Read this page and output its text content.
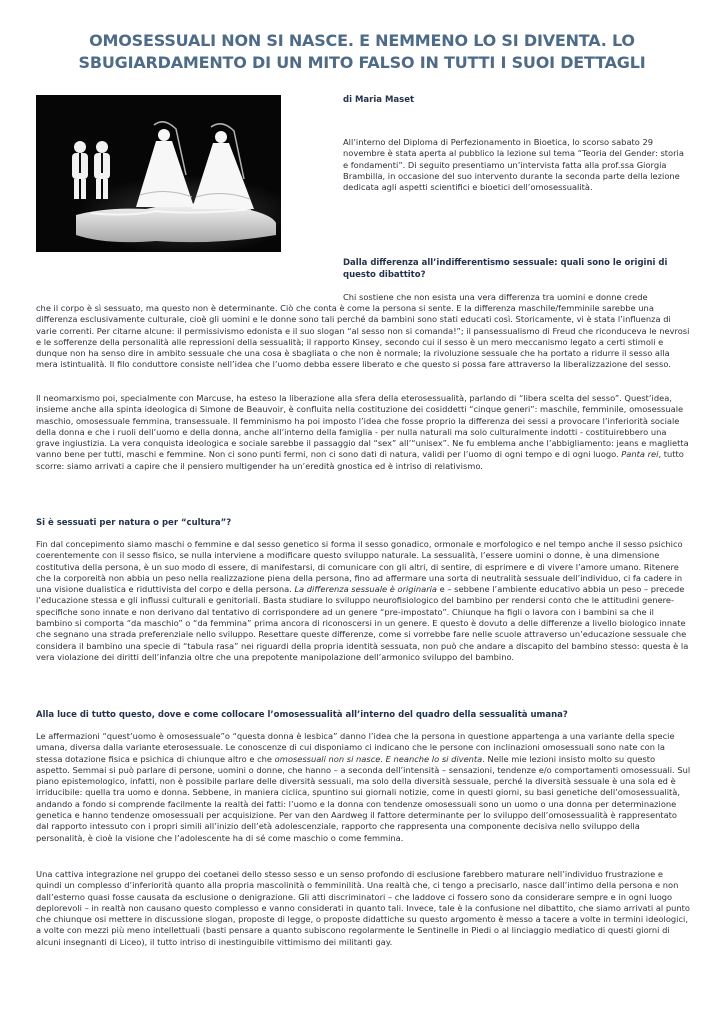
OMOSESSUALI NON SI NASCE. E NEMMENO LO SI DIVENTA. LO SBUGIARDAMENTO DI UN MITO FALSO IN TUTTI I SUOI DETTAGLI
di Maria Maset

All’interno del Diploma di Perfezionamento in Bioetica, lo scorso sabato 29 novembre è stata aperta al pubblico la lezione sul tema “Teoria del Gender: storia e fondamenti”. Di seguito presentiamo un’intervista fatta alla prof.ssa Giorgia Brambilla, in occasione del suo intervento durante la seconda parte della lezione dedicata agli aspetti scientifici e bioetici dell’omosessualità.

Dalla differenza all’indifferentismo sessuale: quali sono le origini di questo dibattito?

Chi sostiene che non esista una vera differenza tra uomini e donne crede

che il corpo è sì sessuato, ma questo non è determinante. Ciò che conta è come la persona si sente. E la differenza maschile/femminile sarebbe una differenza esclusivamente culturale, cioè gli uomini e le donne sono tali perché da bambini sono stati educati così. Storicamente, vi è stata l’influenza di varie correnti. Per citarne alcune: il permissivismo edonista e il suo slogan “al sesso non si comanda!”; il pansessualismo di Freud che riconduceva le nevrosi e le sofferenze della personalità alle repressioni della sessualità; il rapporto Kinsey, secondo cui il sesso è un mero meccanismo legato a certi stimoli e dunque non ha senso dire in ambito sessuale che una cosa è sbagliata o che non è normale; la rivoluzione sessuale che ha portato a ridurre il sesso alla mera istintualità. Il filo conduttore consiste nell’idea che l’uomo debba essere liberato e che questo si possa fare attraverso la liberalizzazione del sesso.

Il neomarxismo poi, specialmente con Marcuse, ha esteso la liberazione alla sfera della eterosessualità, parlando di “libera scelta del sesso”. Quest’idea, insieme anche alla spinta ideologica di Simone de Beauvoir, è confluita nella costituzione dei cosiddetti “cinque generi”: maschile, femminile, omosessuale maschio, omosessuale femmina, transessuale. Il femminismo ha poi imposto l’idea che fosse proprio la differenza dei sessi a provocare l’inferiorità sociale della donna e che i ruoli dell’uomo e della donna, anche all’interno della famiglia - per nulla naturali ma solo culturalmente indotti - costituirebbero una grave ingiustizia. La vera conquista ideologica e sociale sarebbe il passaggio dal “sex” all’“unisex”. Ne fu emblema anche l’abbigliamento: jeans e maglietta vanno bene per tutti, maschi e femmine. Non ci sono punti fermi, non ci sono dati di natura, validi per l’uomo di ogni tempo e di ogni luogo. Panta rei, tutto scorre: siamo arrivati a capire che il pensiero multigender ha un’eredità gnostica ed è intriso di relativismo.

Si è sessuati per natura o per “cultura”?

Fin dal concepimento siamo maschi o femmine e dal sesso genetico si forma il sesso gonadico, ormonale e morfologico e nel tempo anche il sesso psichico coerentemente con il sesso fisico, se nulla interviene a modificare questo sviluppo naturale. La sessualità, l’essere uomini o donne, è una dimensione costitutiva della persona, è un suo modo di essere, di manifestarsi, di comunicare con gli altri, di sentire, di esprimere e di vivere l’amore umano. Ritenere che la corporeità non abbia un peso nella realizzazione piena della persona, fino ad affermare una sorta di neutralità sessuale dell’individuo, ci fa cadere in una visione dualistica e riduttivista del corpo e della persona. La differenza sessuale è originaria e – sebbene l’ambiente educativo abbia un peso – precede l’educazione stessa e gli influssi culturali e genitoriali. Basta studiare lo sviluppo neurofisiologico del bambino per rendersi conto che le attitudini genere-specifiche sono innate e non derivano dal tentativo di corrispondere ad un genere “pre-impostato”. Chiunque ha figli o lavora con i bambini sa che il bambino si comporta “da maschio” o “da femmina” prima ancora di riconoscersi in un genere. E questo è dovuto a delle differenze a livello biologico innate che segnano una strada preferenziale nello sviluppo. Resettare queste differenze, come si vorrebbe fare nelle scuole attraverso un’educazione sessuale che considera il bambino una specie di “tabula rasa” nei riguardi della propria identità sessuata, non può che andare a discapito del bambino stesso: questa è la vera violazione dei diritti dell’infanzia oltre che una prepotente manipolazione dell’armonico sviluppo del bambino.

Alla luce di tutto questo, dove e come collocare l’omosessualità all’interno del quadro della sessualità umana?

Le affermazioni “quest’uomo è omosessuale”o “questa donna è lesbica” danno l’idea che la persona in questione appartenga a una variante della specie umana, diversa dalla variante eterosessuale. Le conoscenze di cui disponiamo ci indicano che le persone con inclinazioni omosessuali sono nate con la stessa dotazione fisica e psichica di chiunque altro e che omosessuali non si nasce. E neanche lo si diventa. Nelle mie lezioni insisto molto su questo aspetto. Semmai si può parlare di persone, uomini o donne, che hanno – a seconda dell’intensità – sensazioni, tendenze e/o comportamenti omosessuali. Sul piano epistemologico, infatti, non è possibile parlare delle diversità sessuali, ma solo della diversità sessuale, perché la diversità sessuale è una sola ed è irriducibile: quella tra uomo e donna. Sebbene, in maniera ciclica, spuntino sui giornali notizie, come in questi giorni, su basi genetiche dell’omosessualità, andando a fondo si comprende facilmente la realtà dei fatti: l’uomo e la donna con tendenze omosessuali sono un uomo o una donna per determinazione genetica e hanno tendenze omosessuali per acquisizione. Per van den Aardweg il fattore determinante per lo sviluppo dell’omosessualità è rappresentato dal rapporto intessuto con i propri simili all’inizio dell’età adolescenziale, rapporto che rappresenta una componente decisiva nello sviluppo della personalità, è cioè la visione che l’adolescente ha di sé come maschio o come femmina.

Una cattiva integrazione nel gruppo dei coetanei dello stesso sesso e un senso profondo di esclusione farebbero maturare nell’individuo frustrazione e quindi un complesso d’inferiorità quanto alla propria mascolinità o femminilità. Una realtà che, ci tengo a precisarlo, nasce dall’intimo della persona e non dall’esterno quasi fosse causata da esclusione o denigrazione. Gli atti discriminatori – che laddove ci fossero sono da considerare sempre e in ogni luogo deplorevoli – in realtà non causano questo complesso e vanno considerati in quanto tali. Invece, tale è la confusione nel dibattito, che siamo arrivati al punto che chiunque osi mettere in discussione slogan, proposte di legge, o proposte didattiche su questo argomento è messo a tacere a volte in termini ideologici, a volte con mezzi più meno intellettuali (basti pensare a quanto subiscono regolarmente le Sentinelle in Piedi o al linciaggio mediatico di questi giorni di alcuni insegnanti di Liceo), il tutto intriso di inestinguibile vittimismo dei militanti gay.
